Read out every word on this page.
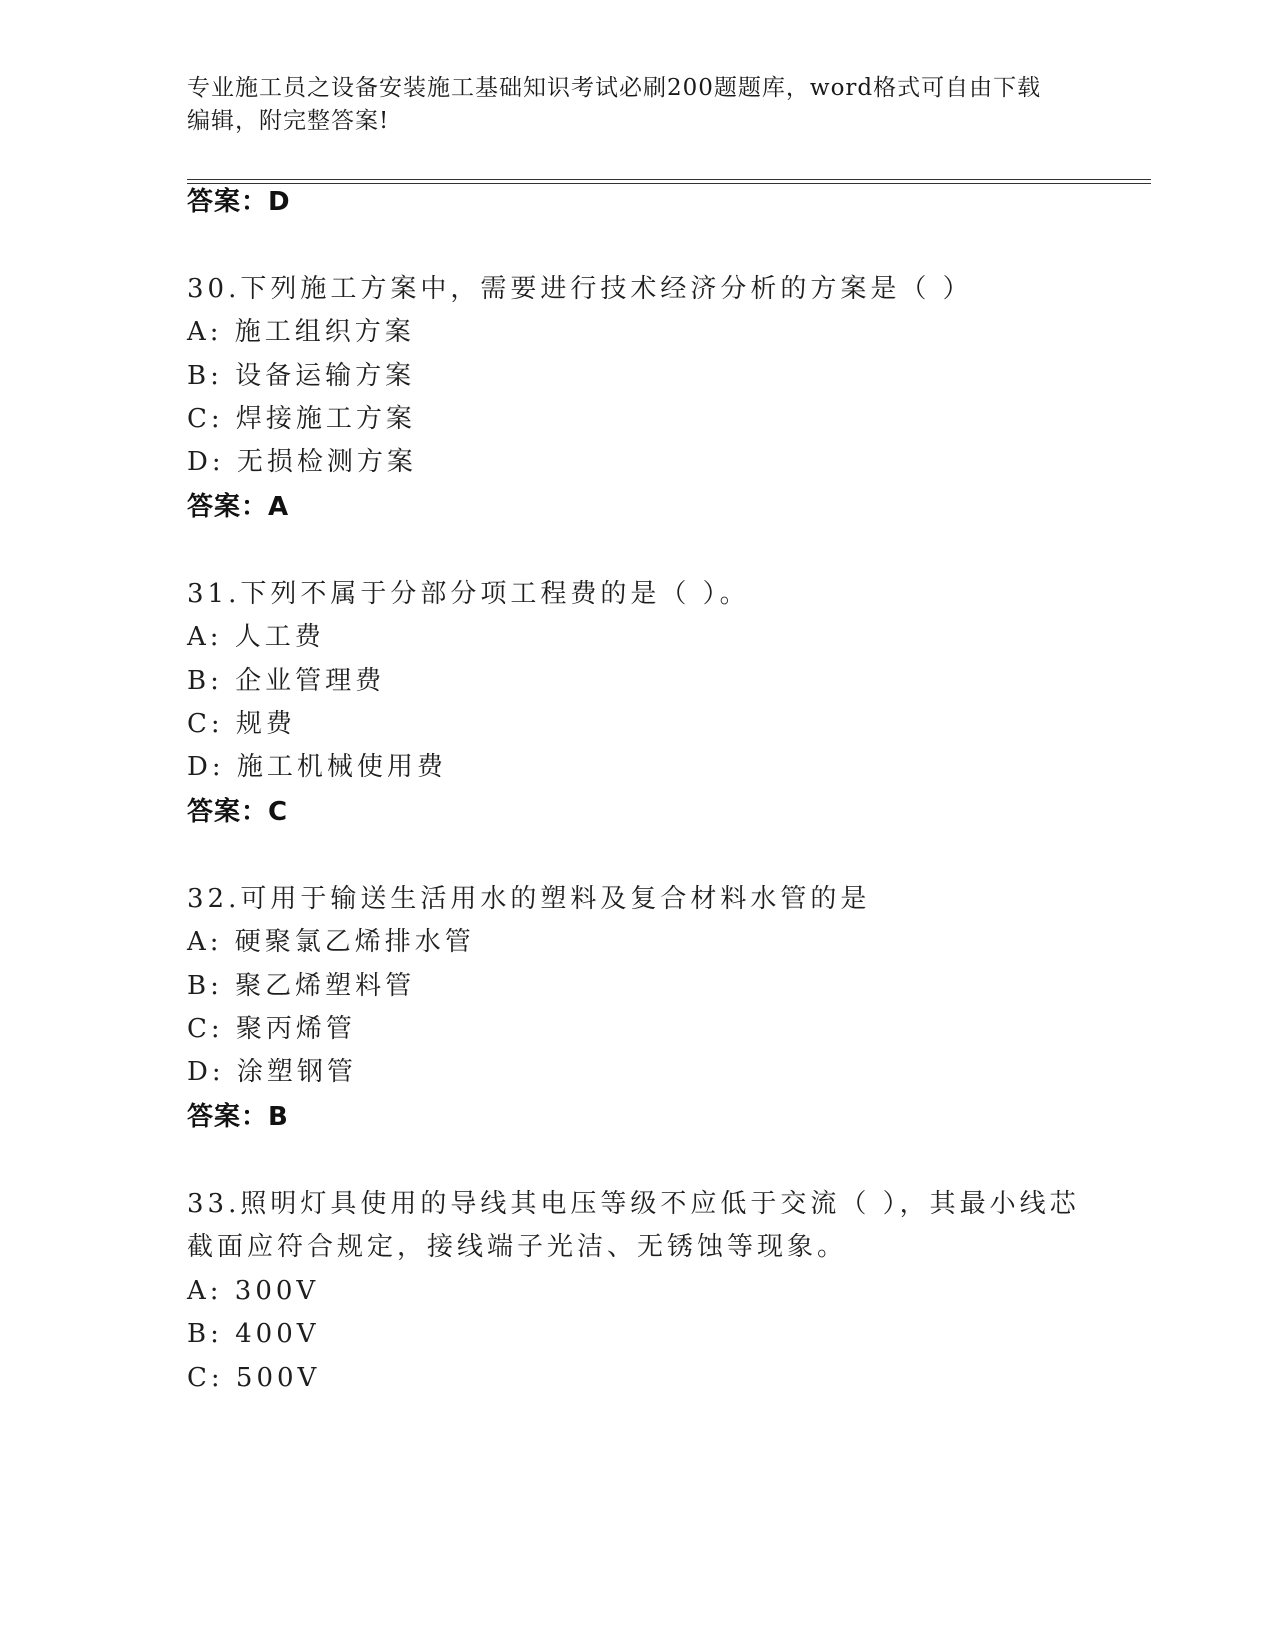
专业施工员之设备安装施工基础知识考试必刷200题题库，word格式可自由下载
编辑，附完整答案!
答案：D
30.下列施工方案中，需要进行技术经济分析的方案是（ ）
A: 施工组织方案
B: 设备运输方案
C: 焊接施工方案
D: 无损检测方案
答案：A
31.下列不属于分部分项工程费的是（ ）。
A: 人工费
B: 企业管理费
C: 规费
D: 施工机械使用费
答案：C
32.可用于输送生活用水的塑料及复合材料水管的是
A: 硬聚氯乙烯排水管
B: 聚乙烯塑料管
C: 聚丙烯管
D: 涂塑钢管
答案：B
33.照明灯具使用的导线其电压等级不应低于交流（ ），其最小线芯
截面应符合规定，接线端子光洁、无锈蚀等现象。
A: 300V
B: 400V
C: 500V
